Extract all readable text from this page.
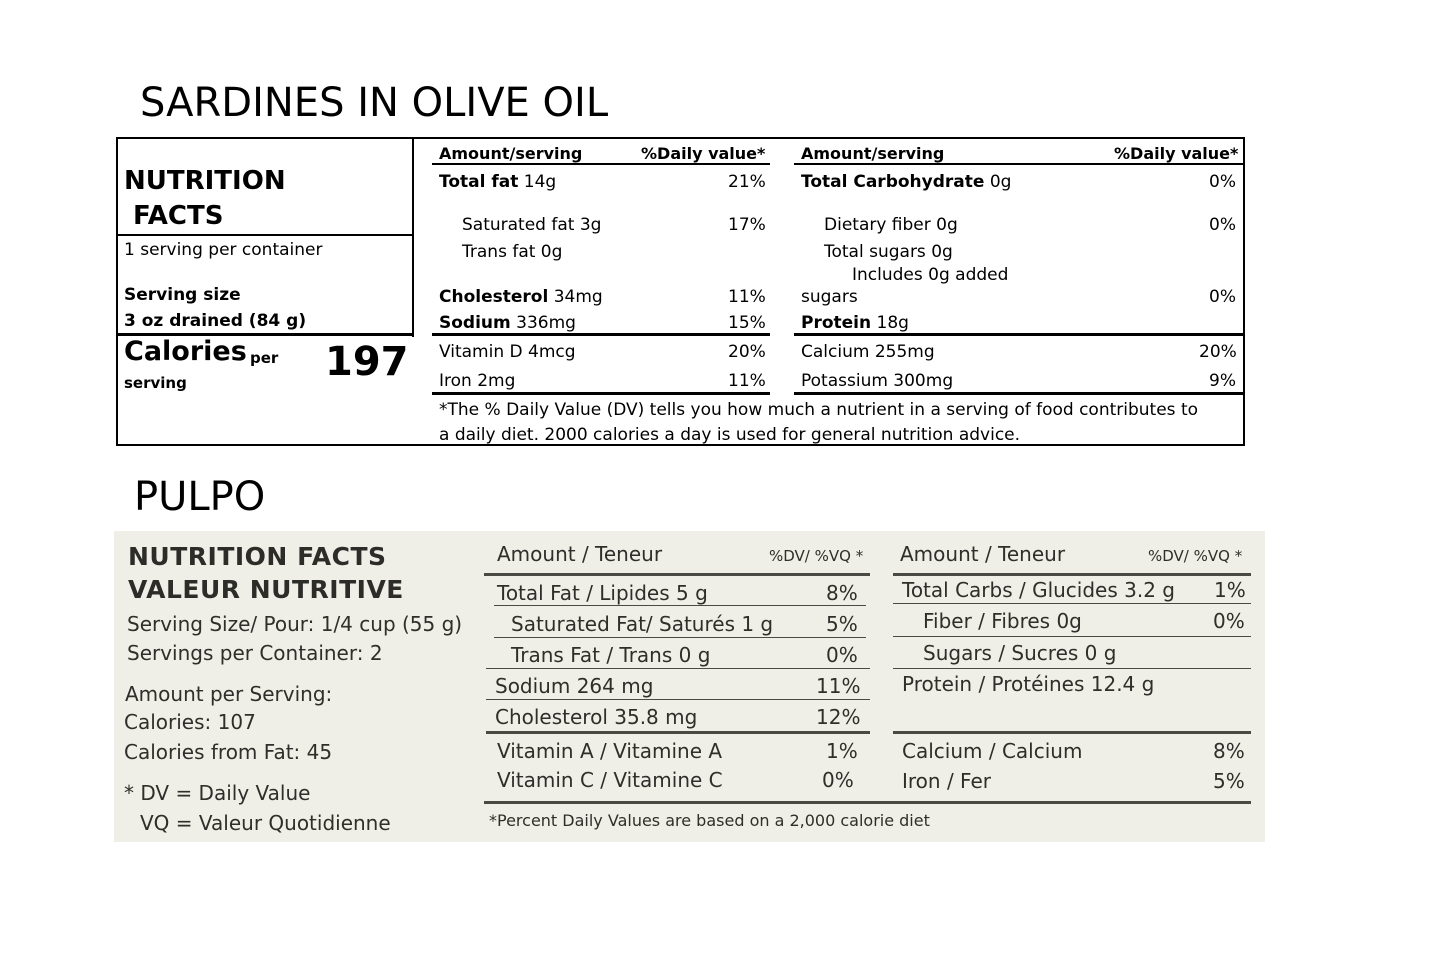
SARDINES IN OLIVE OIL
NUTRITION
FACTS
1 serving per container
Serving size
3 oz drained (84 g)
Calories per
serving	197
Amount/serving	%Daily value* Amount/serving	%Daily value*
Total fat 14g	21%
Saturated fat 3g	17%
Trans fat 0g
Cholesterol 34mg	11%
Sodium 336mg	15%
Total Carbohydrate 0g	0%
Dietary fiber 0g	0%
Total sugars 0g
Includes 0g added
sugars	0%
Protein 18g
Vitamin D 4mcg	20%
Iron 2mg	11%
Calcium 255mg	20%
Potassium 300mg	9%
*The % Daily Value (DV) tells you how much a nutrient in a serving of food contributes to
a daily diet. 2000 calories a day is used for general nutrition advice.
PULPO
NUTRITION FACTS
VALEUR NUTRITIVE
Serving Size/ Pour: 1/4 cup (55 g)
Servings per Container: 2
Amount per Serving:
Calories: 107
Calories from Fat: 45
* DV = Daily Value
VQ = Valeur Quotidienne
Amount / Teneur	%DV/ %VQ * Amount / Teneur	%DV/ %VQ *
Total Fat / Lipides 5 g	8%
Saturated Fat/ Saturés 1 g	5%
Trans Fat / Trans 0 g	0%
Sodium 264 mg	11%
Cholesterol 35.8 mg	12%
Vitamin A / Vitamine A	1%
Vitamin C / Vitamine C	0%
Total Carbs / Glucides 3.2 g 1%
Fiber / Fibres 0g	0%
Sugars / Sucres 0 g
Protein / Protéines 12.4 g
Calcium / Calcium	8%
Iron / Fer	5%
*Percent Daily Values are based on a 2,000 calorie diet
